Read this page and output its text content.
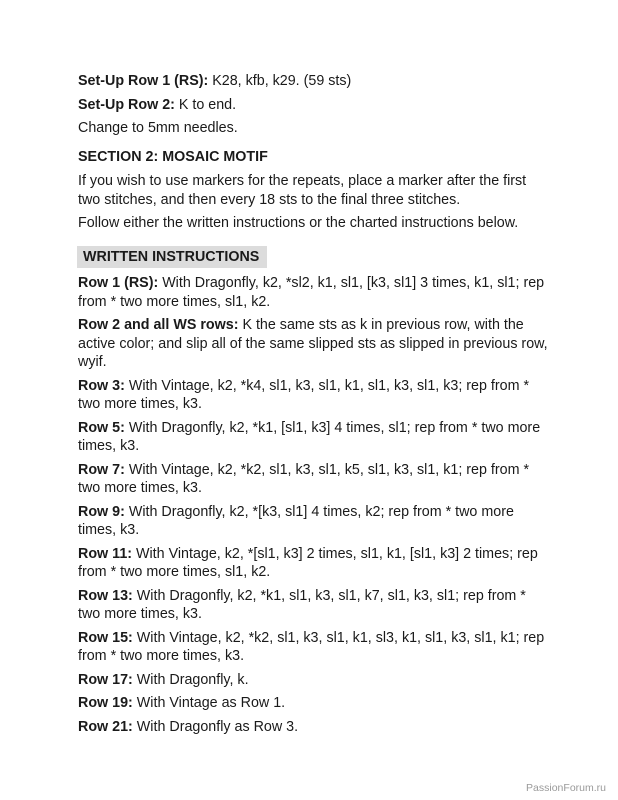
Set-Up Row 1 (RS): K28, kfb, k29. (59 sts)

Set-Up Row 2: K to end.

Change to 5mm needles.

SECTION 2: MOSAIC MOTIF

If you wish to use markers for the repeats, place a marker after the first two stitches, and then every 18 sts to the final three stitches.

Follow either the written instructions or the charted instructions below.

WRITTEN INSTRUCTIONS

Row 1 (RS): With Dragonfly, k2, *sl2, k1, sl1, [k3, sl1] 3 times, k1, sl1; rep from * two more times, sl1, k2.

Row 2 and all WS rows: K the same sts as k in previous row, with the active color; and slip all of the same slipped sts as slipped in previous row, wyif.

Row 3: With Vintage, k2, *k4, sl1, k3, sl1, k1, sl1, k3, sl1, k3; rep from * two more times, k3.

Row 5: With Dragonfly, k2, *k1, [sl1, k3] 4 times, sl1; rep from * two more times, k3.

Row 7: With Vintage, k2, *k2, sl1, k3, sl1, k5, sl1, k3, sl1, k1; rep from * two more times, k3.

Row 9: With Dragonfly, k2, *[k3, sl1] 4 times, k2; rep from * two more times, k3.

Row 11: With Vintage, k2, *[sl1, k3] 2 times, sl1, k1, [sl1, k3] 2 times; rep from * two more times, sl1, k2.

Row 13: With Dragonfly, k2, *k1, sl1, k3, sl1, k7, sl1, k3, sl1; rep from * two more times, k3.

Row 15: With Vintage, k2, *k2, sl1, k3, sl1, k1, sl3, k1, sl1, k3, sl1, k1; rep from * two more times, k3.

Row 17: With Dragonfly, k.

Row 19: With Vintage as Row 1.

Row 21: With Dragonfly as Row 3.

PassionForum.ru
